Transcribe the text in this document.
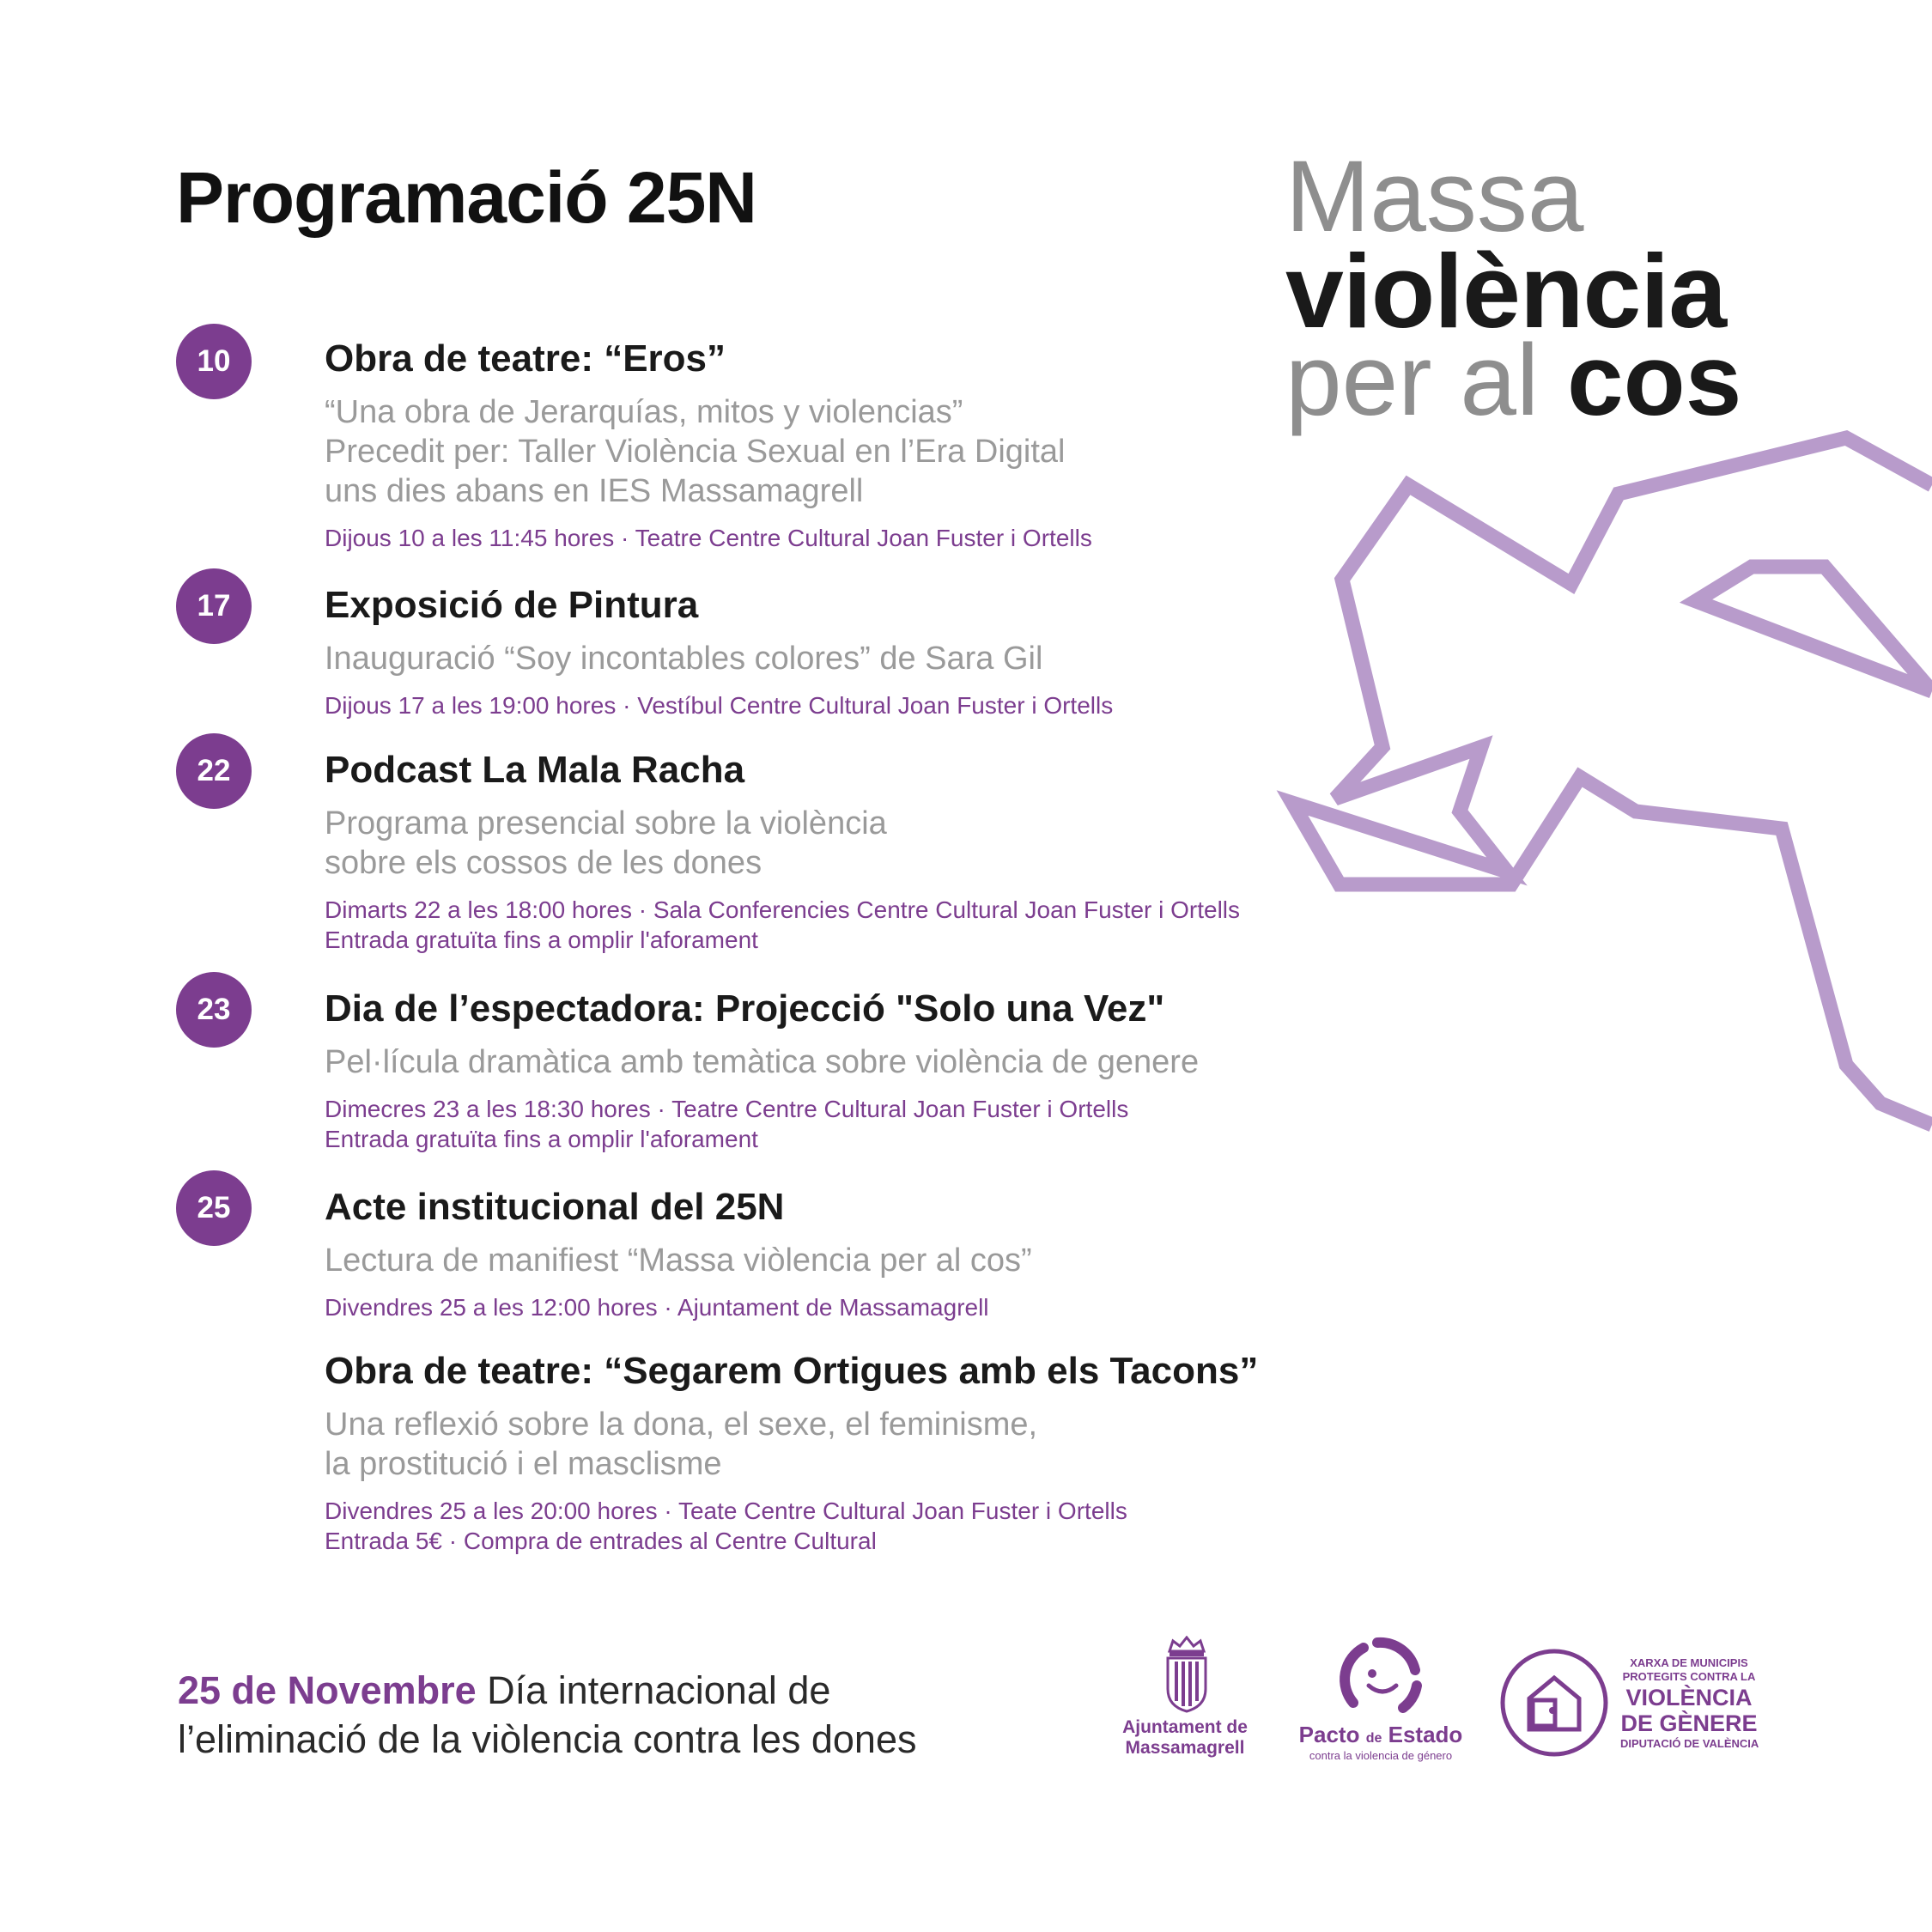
Programació 25N	Massa
violència
per al cos
10	Obra de teatre: “Eros”

“Una obra de Jerarquías, mitos y violencias”
Precedit per: Taller Violència Sexual en l’Era Digital
uns dies abans en IES Massamagrell

Dijous 10 a les 11:45 hores · Teatre Centre Cultural Joan Fuster i Ortells

17	Exposició de Pintura

Inauguració “Soy incontables colores” de Sara Gil

Dijous 17 a les 19:00 hores · Vestíbul Centre Cultural Joan Fuster i Ortells

22	Podcast La Mala Racha

Programa presencial sobre la violència
sobre els cossos de les dones

Dimarts 22 a les 18:00 hores · Sala Conferencies Centre Cultural Joan Fuster i Ortells
Entrada gratuïta fins a omplir l'aforament

23	Dia de l’espectadora: Projecció "Solo una Vez"

Pel·lícula dramàtica amb temàtica sobre violència de genere

Dimecres 23 a les 18:30 hores · Teatre Centre Cultural Joan Fuster i Ortells
Entrada gratuïta fins a omplir l'aforament

25	Acte institucional del 25N

Lectura de manifiest “Massa viòlencia per al cos”

Divendres 25 a les 12:00 hores · Ajuntament de Massamagrell

Obra de teatre: “Segarem Ortigues amb els Tacons”

Una reflexió sobre la dona, el sexe, el feminisme,
la prostitució i el masclisme

Divendres 25 a les 20:00 hores · Teate Centre Cultural Joan Fuster i Ortells
Entrada 5€ · Compra de entrades al Centre Cultural

25 de Novembre Día internacional de
l’eliminació de la viòlencia contra les dones	Ajuntament de
Massamagrell
Pacto de Estado
contra la violencia de género
XARXA DE MUNICIPIS
PROTEGITS CONTRA LA
VIOLÈNCIA
DE GÈNERE
DIPUTACIÓ DE VALÈNCIA
